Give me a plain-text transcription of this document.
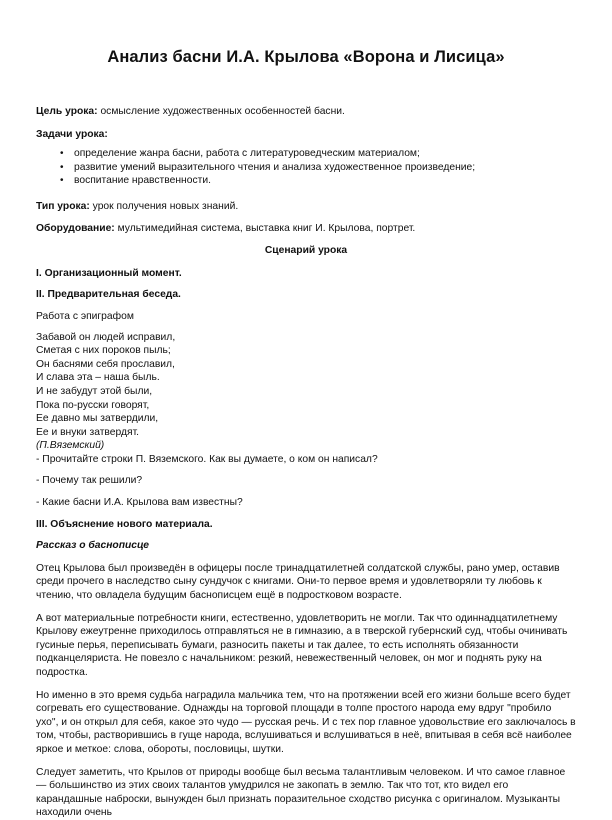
Анализ басни И.А. Крылова «Ворона и Лисица»

Цель урока: осмысление художественных особенностей басни.

Задачи урока:

• определение жанра басни, работа с литературоведческим материалом;
• развитие умений выразительного чтения и анализа художественное произведение;
• воспитание нравственности.

Тип урока: урок получения новых знаний.

Оборудование: мультимедийная система, выставка книг И. Крылова, портрет.

Сценарий урока

I. Организационный момент.

II. Предварительная беседа.

Работа с эпиграфом

Забавой он людей исправил,

Сметая с них пороков пыль;

Он баснями себя прославил,

И слава эта – наша быль.

И не забудут этой были,

Пока по-русски говорят,

Ее давно мы затвердили,

Ее и внуки затвердят.

(П.Вяземский)

- Прочитайте строки П. Вяземского. Как вы думаете, о ком он написал?

- Почему так решили?

- Какие басни И.А. Крылова вам известны?

III. Объяснение нового материала.

Рассказ о баснописце

Отец Крылова был произведён в офицеры после тринадцатилетней солдатской службы, рано умер, оставив среди прочего в наследство сыну сундучок с книгами. Они-то первое время и удовлетворяли ту любовь к чтению, что овладела будущим баснописцем ещё в подростковом возрасте.

А вот материальные потребности книги, естественно, удовлетворить не могли. Так что одиннадцатилетнему Крылову ежеутренне приходилось отправляться не в гимназию, а в тверской губернский суд, чтобы очинивать гусиные перья, переписывать бумаги, разносить пакеты и так далее, то есть исполнять обязанности подканцеляриста. Не повезло с начальником: резкий, невежественный человек, он мог и поднять руку на подростка.

Но именно в это время судьба наградила мальчика тем, что на протяжении всей его жизни больше всего будет согревать его существование. Однажды на торговой площади в толпе простого народа ему вдруг "пробило ухо", и он открыл для себя, какое это чудо — русская речь. И с тех пор главное удовольствие его заключалось в том, чтобы, растворившись в гуще народа, вслушиваться и вслушиваться в неё, впитывая в себя всё наиболее яркое и меткое: слова, обороты, пословицы, шутки.

Следует заметить, что Крылов от природы вообще был весьма талантливым человеком. И что самое главное — большинство из этих своих талантов умудрился не закопать в землю. Так что тот, кто видел его карандашные наброски, вынужден был признать поразительное сходство рисунка с оригиналом. Музыканты находили очень
